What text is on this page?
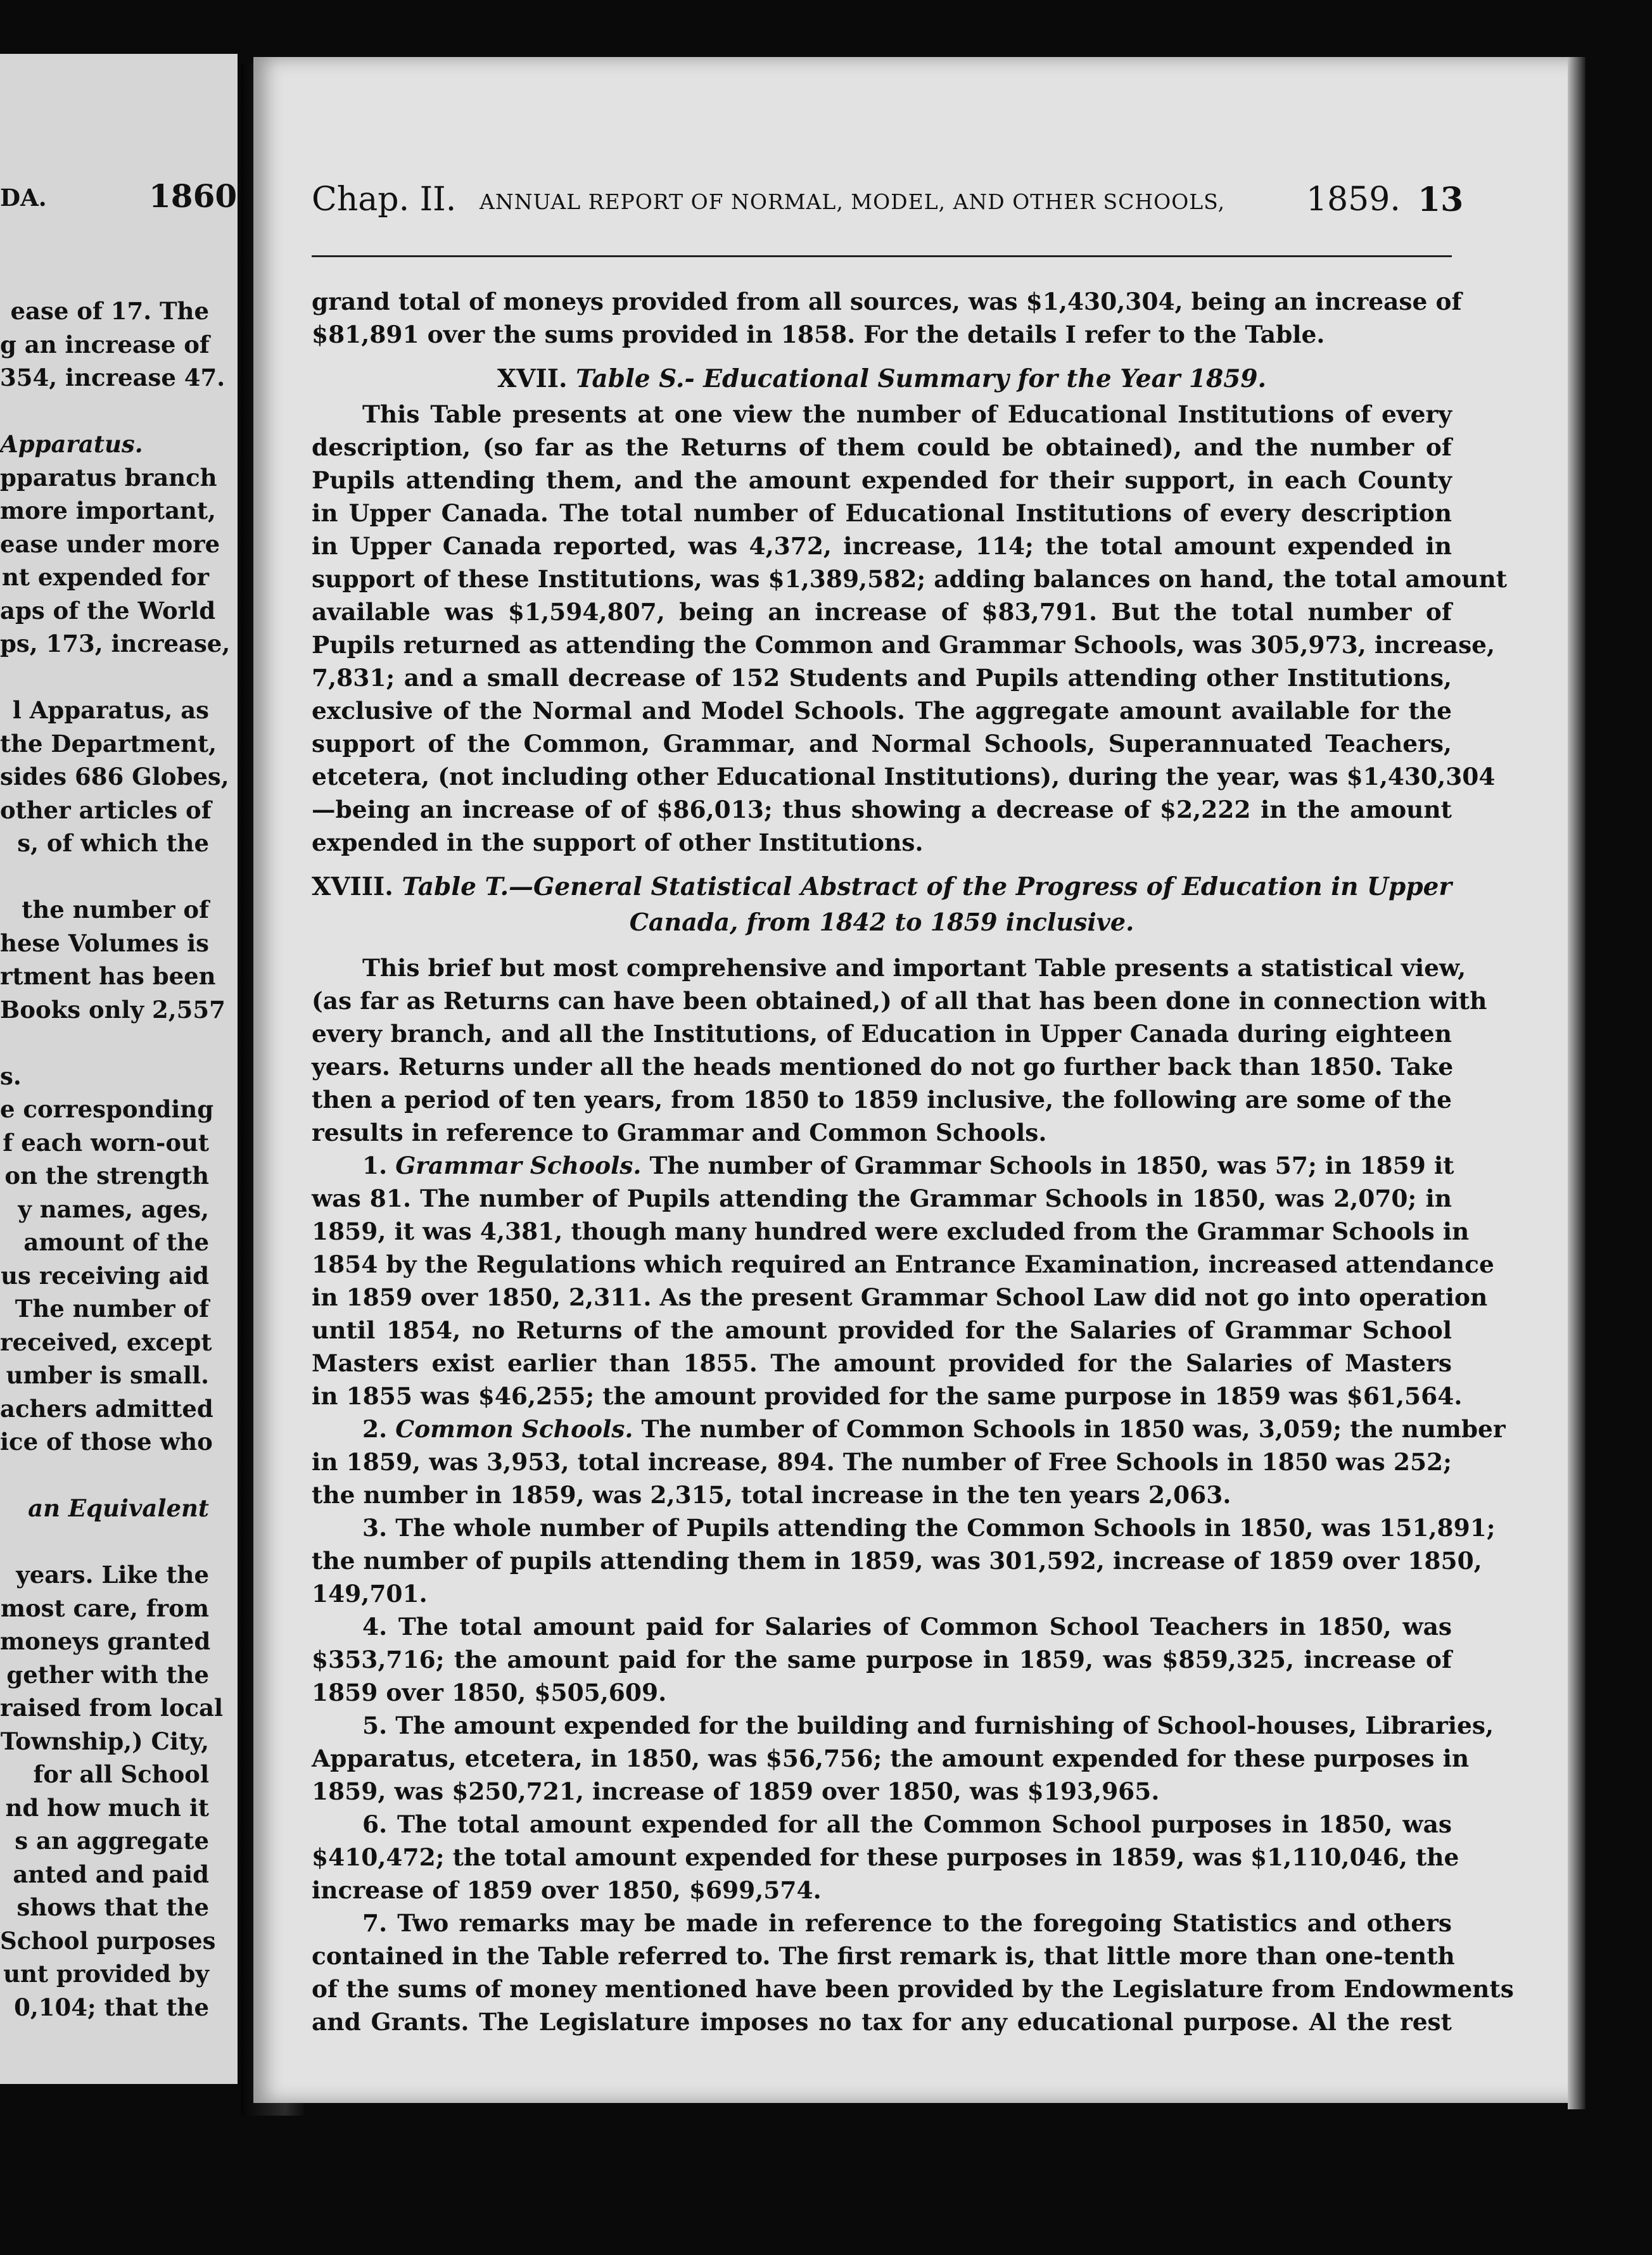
DA.	1860
ease of 17. The
g an increase of
354, increase 47.
Apparatus.
pparatus branch
more important,
ease under more
nt expended for
aps of the World
ps, 173, increase,
l Apparatus, as
the Department,
sides 686 Globes,
other articles of
s, of which the
the number of
hese Volumes is
rtment has been
Books only 2,557
s.
e corresponding
f each worn-out
on the strength
y names, ages,
amount of the
us receiving aid
The number of
received, except
umber is small.
achers admitted
ice of those who
an Equivalent
years. Like the
most care, from
moneys granted
gether with the
raised from local
Township,) City,
for all School
nd how much it
s an aggregate
anted and paid
shows that the
School purposes
unt provided by
0,104; that the
Chap. II. ANNUAL REPORT OF NORMAL, MODEL, AND OTHER SCHOOLS, 1859. 13
grand total of moneys provided from all sources, was $1,430,304, being an increase of
$81,891 over the sums provided in 1858. For the details I refer to the Table.
XVII. Table S.- Educational Summary for the Year 1859.
This Table presents at one view the number of Educational Institutions of every
description, (so far as the Returns of them could be obtained), and the number of
Pupils attending them, and the amount expended for their support, in each County
in Upper Canada. The total number of Educational Institutions of every description
in Upper Canada reported, was 4,372, increase, 114; the total amount expended in
support of these Institutions, was $1,389,582; adding balances on hand, the total amount
available was $1,594,807, being an increase of $83,791. But the total number of
Pupils returned as attending the Common and Grammar Schools, was 305,973, increase,
7,831; and a small decrease of 152 Students and Pupils attending other Institutions,
exclusive of the Normal and Model Schools. The aggregate amount available for the
support of the Common, Grammar, and Normal Schools, Superannuated Teachers,
etcetera, (not including other Educational Institutions), during the year, was $1,430,304
—being an increase of of $86,013; thus showing a decrease of $2,222 in the amount
expended in the support of other Institutions.
XVIII. Table T.—General Statistical Abstract of the Progress of Education in Upper
Canada, from 1842 to 1859 inclusive.
This brief but most comprehensive and important Table presents a statistical view,
(as far as Returns can have been obtained,) of all that has been done in connection with
every branch, and all the Institutions, of Education in Upper Canada during eighteen
years. Returns under all the heads mentioned do not go further back than 1850. Take
then a period of ten years, from 1850 to 1859 inclusive, the following are some of the
results in reference to Grammar and Common Schools.
1. Grammar Schools. The number of Grammar Schools in 1850, was 57; in 1859 it
was 81. The number of Pupils attending the Grammar Schools in 1850, was 2,070; in
1859, it was 4,381, though many hundred were excluded from the Grammar Schools in
1854 by the Regulations which required an Entrance Examination, increased attendance
in 1859 over 1850, 2,311. As the present Grammar School Law did not go into operation
until 1854, no Returns of the amount provided for the Salaries of Grammar School
Masters exist earlier than 1855. The amount provided for the Salaries of Masters
in 1855 was $46,255; the amount provided for the same purpose in 1859 was $61,564.
2. Common Schools. The number of Common Schools in 1850 was, 3,059; the number
in 1859, was 3,953, total increase, 894. The number of Free Schools in 1850 was 252;
the number in 1859, was 2,315, total increase in the ten years 2,063.
3. The whole number of Pupils attending the Common Schools in 1850, was 151,891;
the number of pupils attending them in 1859, was 301,592, increase of 1859 over 1850,
149,701.
4. The total amount paid for Salaries of Common School Teachers in 1850, was
$353,716; the amount paid for the same purpose in 1859, was $859,325, increase of
1859 over 1850, $505,609.
5. The amount expended for the building and furnishing of School-houses, Libraries,
Apparatus, etcetera, in 1850, was $56,756; the amount expended for these purposes in
1859, was $250,721, increase of 1859 over 1850, was $193,965.
6. The total amount expended for all the Common School purposes in 1850, was
$410,472; the total amount expended for these purposes in 1859, was $1,110,046, the
increase of 1859 over 1850, $699,574.
7. Two remarks may be made in reference to the foregoing Statistics and others
contained in the Table referred to. The first remark is, that little more than one-tenth
of the sums of money mentioned have been provided by the Legislature from Endowments
and Grants. The Legislature imposes no tax for any educational purpose. Al the rest
